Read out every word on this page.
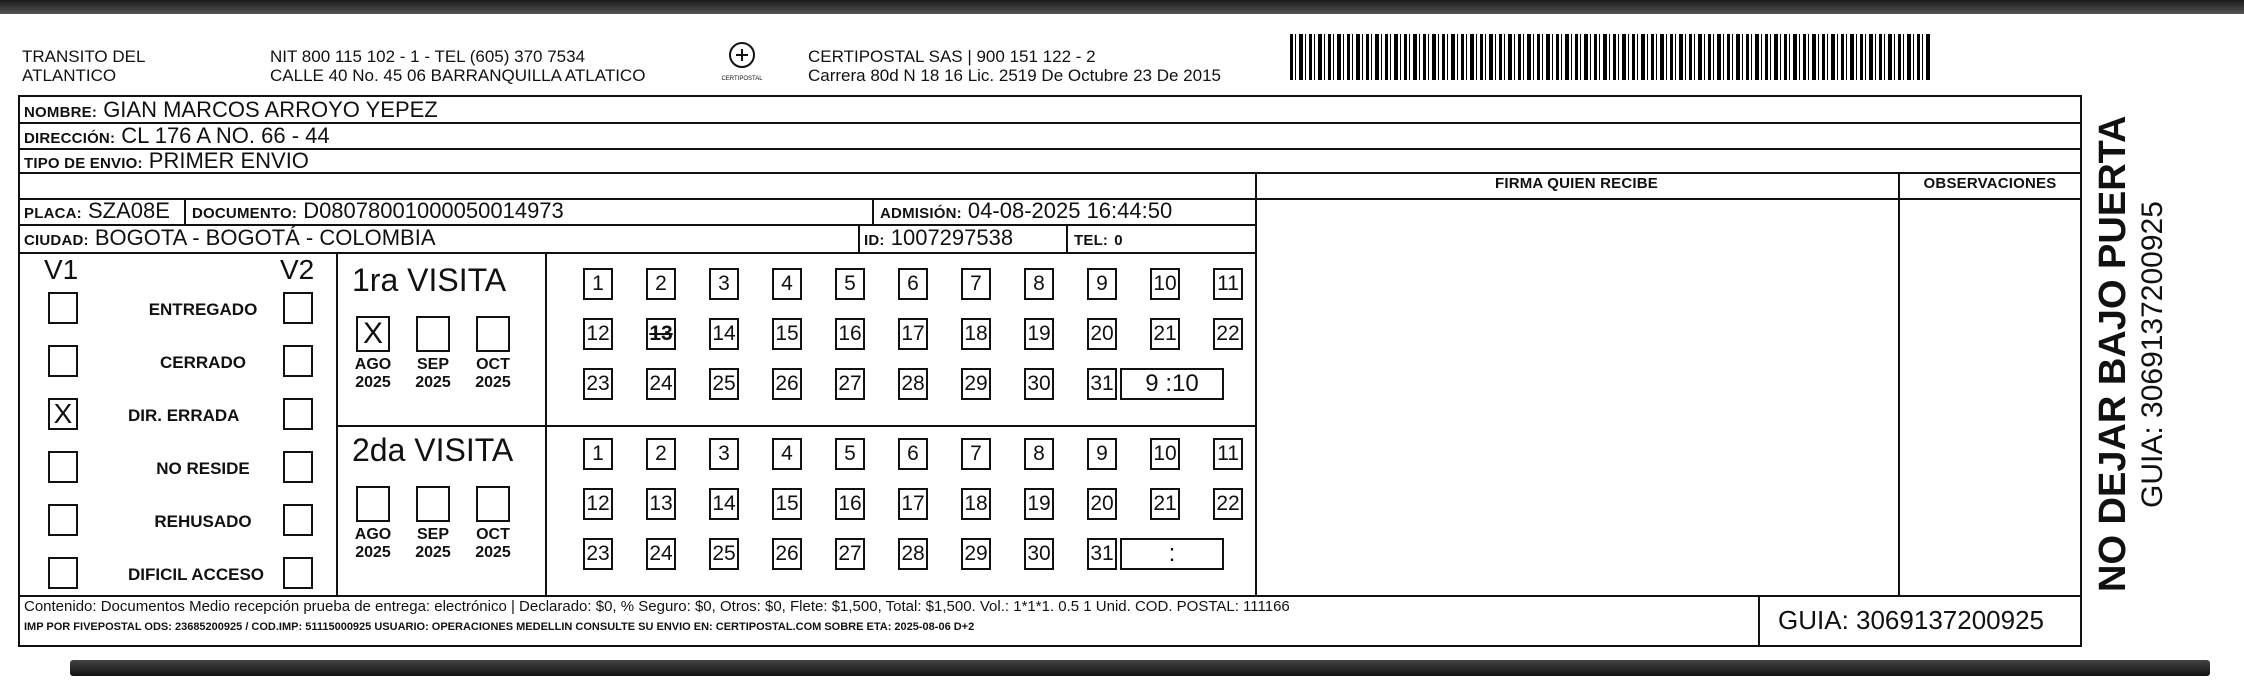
TRANSITO DEL
ATLANTICO
NIT 800 115 102 - 1 - TEL (605) 370 7534
CALLE 40 No. 45 06 BARRANQUILLA ATLATICO	CERTIPOSTAL
CERTIPOSTAL SAS | 900 151 122 - 2
Carrera 80d N 18 16 Lic. 2519 De Octubre 23 De 2015
NOMBRE: GIAN MARCOS ARROYO YEPEZ
DIRECCIÓN: CL 176 A NO. 66 - 44
TIPO DE ENVIO: PRIMER ENVIO
FIRMA QUIEN RECIBE	OBSERVACIONES
PLACA: SZA08E DOCUMENTO: D08078001000050014973	ADMISIÓN: 04-08-2025 16:44:50
CIUDAD: BOGOTA - BOGOTÁ - COLOMBIA	ID: 1007297538	TEL: 0
V1	V2
ENTREGADO
CERRADO
X	DIR. ERRADA
NO RESIDE
REHUSADO
DIFICIL ACCESO
1ra VISITA
2da VISITA
X
AGO
2025
SEP
2025
OCT
2025
1	2	3	4	5	6	7	8	9	10 11
12 13 14 15 16 17 18 19 20 21 22
23 24 25 26 27 28 29 30 31	9 :10
AGO
2025
SEP
2025
OCT
2025
1	2	3	4	5	6	7	8	9	10 11
12 13 14 15 16 17 18 19 20 21 22
23 24 25 26 27 28 29 30 31	:
Contenido: Documentos Medio recepción prueba de entrega: electrónico | Declarado: $0, % Seguro: $0, Otros: $0, Flete: $1,500, Total: $1,500. Vol.: 1*1*1. 0.5 1 Unid. COD. POSTAL: 111166
IMP POR FIVEPOSTAL ODS: 23685200925 / COD.IMP: 51115000925 USUARIO: OPERACIONES MEDELLIN CONSULTE SU ENVIO EN: CERTIPOSTAL.COM SOBRE ETA: 2025-08-06 D+2	GUIA: 3069137200925
NO DEJAR BAJO PUERTA GUIA: 3069137200925
